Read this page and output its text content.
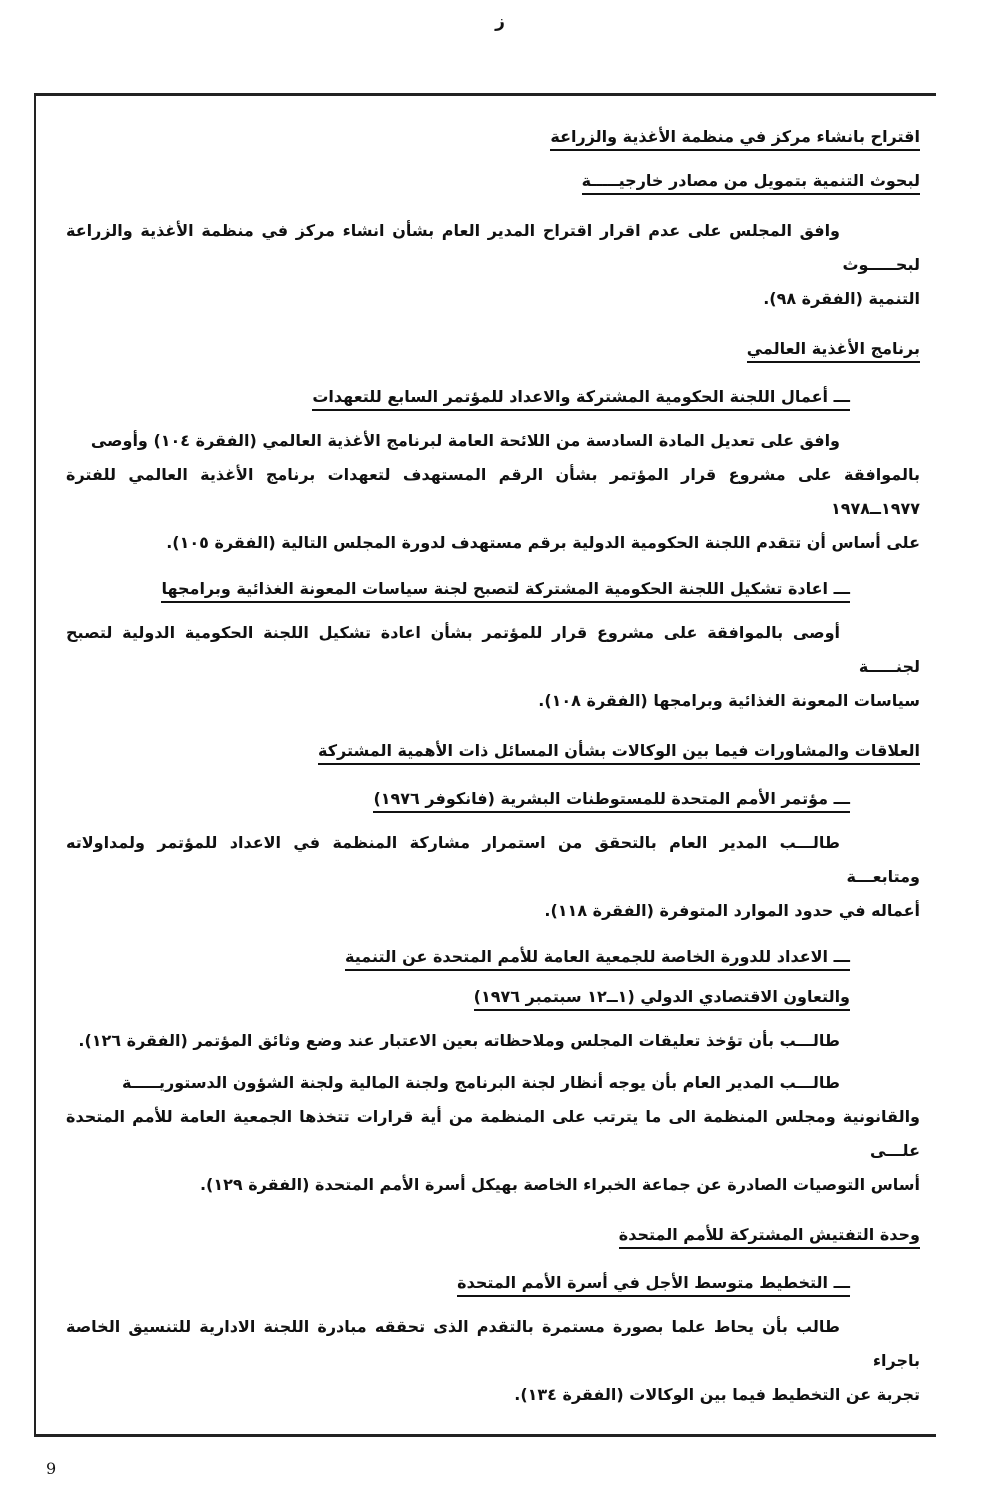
ز
اقتراح بانشاء مركز في منظمة الأغذية والزراعة
لبحوث التنمية بتمويل من مصادر خارجيـــــة
وافق المجلس على عدم اقرار اقتراح المدير العام بشأن انشاء مركز في منظمة الأغذية والزراعة لبحـــــوث
التنمية (الفقرة ٩٨).
برنامج الأغذية العالمي
ـــ أعمال اللجنة الحكومية المشتركة والاعداد للمؤتمر السابع للتعهدات
وافق على تعديل المادة السادسة من اللائحة العامة لبرنامج الأغذية العالمي (الفقرة ١٠٤) وأوصى
بالموافقة على مشروع قرار المؤتمر بشأن الرقم المستهدف لتعهدات برنامج الأغذية العالمي للفترة ١٩٧٧ــ١٩٧٨
على أساس أن تتقدم اللجنة الحكومية الدولية برقم مستهدف لدورة المجلس التالية (الفقرة ١٠٥).
ـــ اعادة تشكيل اللجنة الحكومية المشتركة لتصبح لجنة سياسات المعونة الغذائية وبرامجها
أوصى بالموافقة على مشروع قرار للمؤتمر بشأن اعادة تشكيل اللجنة الحكومية الدولية لتصبح لجنـــــة
سياسات المعونة الغذائية وبرامجها (الفقرة ١٠٨).
العلاقات والمشاورات فيما بين الوكالات بشأن المسائل ذات الأهمية المشتركة
ـــ مؤتمر الأمم المتحدة للمستوطنات البشرية (فانكوفر ١٩٧٦)
طالـــب المدير العام بالتحقق من استمرار مشاركة المنظمة في الاعداد للمؤتمر ولمداولاته ومتابعـــة
أعماله في حدود الموارد المتوفرة (الفقرة ١١٨).
ـــ الاعداد للدورة الخاصة للجمعية العامة للأمم المتحدة عن التنمية
والتعاون الاقتصادي الدولي (١ــ١٢ سبتمبر ١٩٧٦)
طالـــب بأن تؤخذ تعليقات المجلس وملاحظاته بعين الاعتبار عند وضع وثائق المؤتمر (الفقرة ١٢٦).
طالـــب المدير العام بأن يوجه أنظار لجنة البرنامج ولجنة المالية ولجنة الشؤون الدستوريـــــة
والقانونية ومجلس المنظمة الى ما يترتب على المنظمة من أية قرارات تتخذها الجمعية العامة للأمم المتحدة علـــى
أساس التوصيات الصادرة عن جماعة الخبراء الخاصة بهيكل أسرة الأمم المتحدة (الفقرة ١٢٩).
وحدة التفتيش المشتركة للأمم المتحدة
ـــ التخطيط متوسط الأجل في أسرة الأمم المتحدة
طالب بأن يحاط علما بصورة مستمرة بالتقدم الذى تحققه مبادرة اللجنة الادارية للتنسيق الخاصة باجراء
تجربة عن التخطيط فيما بين الوكالات (الفقرة ١٣٤).
9
